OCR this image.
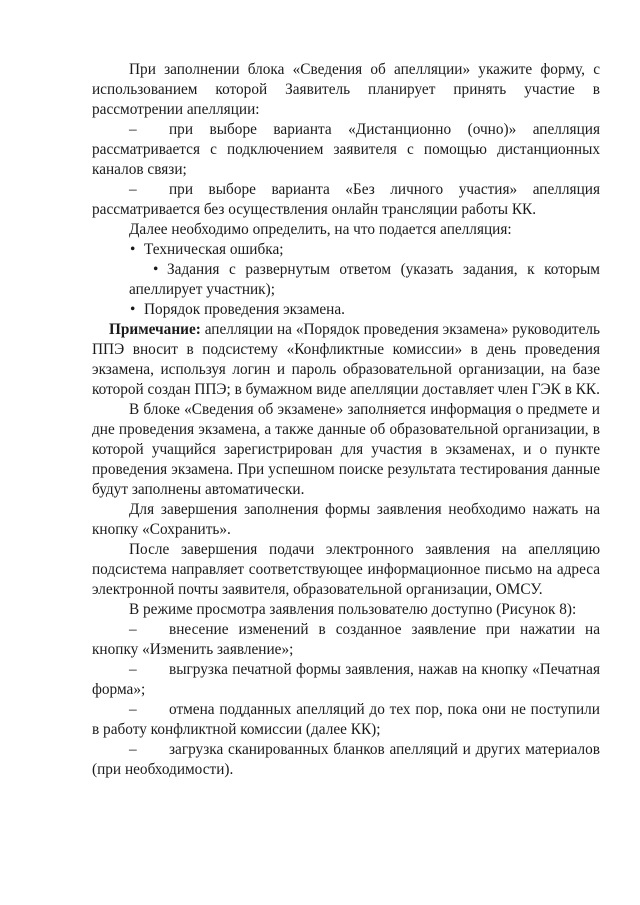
При заполнении блока «Сведения об апелляции» укажите форму, с использованием которой Заявитель планирует принять участие в рассмотрении апелляции:

– при выборе варианта «Дистанционно (очно)» апелляция рассматривается с подключением заявителя с помощью дистанционных каналов связи;

– при выборе варианта «Без личного участия» апелляция рассматривается без осуществления онлайн трансляции работы КК.

Далее необходимо определить, на что подается апелляция:

• Техническая ошибка;

• Задания с развернутым ответом (указать задания, к которым апеллирует участник);

• Порядок проведения экзамена.

Примечание: апелляции на «Порядок проведения экзамена» руководитель ППЭ вносит в подсистему «Конфликтные комиссии» в день проведения экзамена, используя логин и пароль образовательной организации, на базе которой создан ППЭ; в бумажном виде апелляции доставляет член ГЭК в КК.

В блоке «Сведения об экзамене» заполняется информация о предмете и дне проведения экзамена, а также данные об образовательной организации, в которой учащийся зарегистрирован для участия в экзаменах, и о пункте проведения экзамена. При успешном поиске результата тестирования данные будут заполнены автоматически.

Для завершения заполнения формы заявления необходимо нажать на кнопку «Сохранить».

После завершения подачи электронного заявления на апелляцию подсистема направляет соответствующее информационное письмо на адреса электронной почты заявителя, образовательной организации, ОМСУ.

В режиме просмотра заявления пользователю доступно (Рисунок 8):

– внесение изменений в созданное заявление при нажатии на кнопку «Изменить заявление»;

– выгрузка печатной формы заявления, нажав на кнопку «Печатная форма»;

– отмена подданных апелляций до тех пор, пока они не поступили в работу конфликтной комиссии (далее КК);

– загрузка сканированных бланков апелляций и других материалов (при необходимости).
